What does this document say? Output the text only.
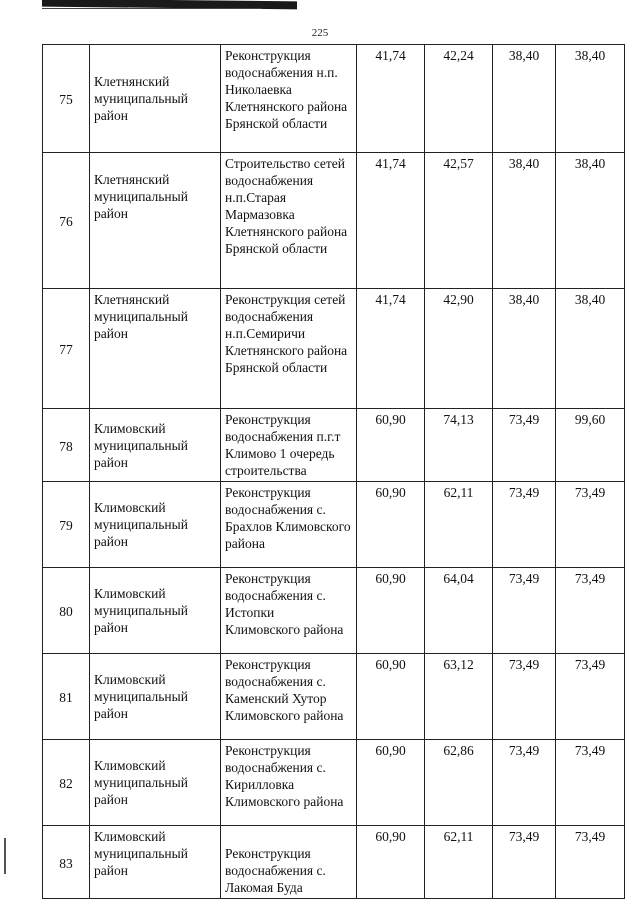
225
75	Клетнянский муниципальный район	Реконструкция водоснабжения н.п. Николаевка Клетнянского района Брянской области	41,74	42,24	38,40	38,40
76	Клетнянский муниципальный район	Строительство сетей водоснабжения н.п.Старая Мармазовка Клетнянского района Брянской области	41,74	42,57	38,40	38,40
77	Клетнянский муниципальный район	Реконструкция сетей водоснабжения н.п.Семиричи Клетнянского района Брянской области	41,74	42,90	38,40	38,40
78	Климовский муниципальный район	Реконструкция водоснабжения п.г.т Климово 1 очередь строительства	60,90	74,13	73,49	99,60
79	Климовский муниципальный район	Реконструкция водоснабжения с. Брахлов Климовского района	60,90	62,11	73,49	73,49
80	Климовский муниципальный район	Реконструкция водоснабжения с. Истопки Климовского района	60,90	64,04	73,49	73,49
81	Климовский муниципальный район	Реконструкция водоснабжения с. Каменский Хутор Климовского района	60,90	63,12	73,49	73,49
82	Климовский муниципальный район	Реконструкция водоснабжения с. Кирилловка Климовского района	60,90	62,86	73,49	73,49
83	Климовский муниципальный район	Реконструкция водоснабжения с. Лакомая Буда	60,90	62,11	73,49	73,49
